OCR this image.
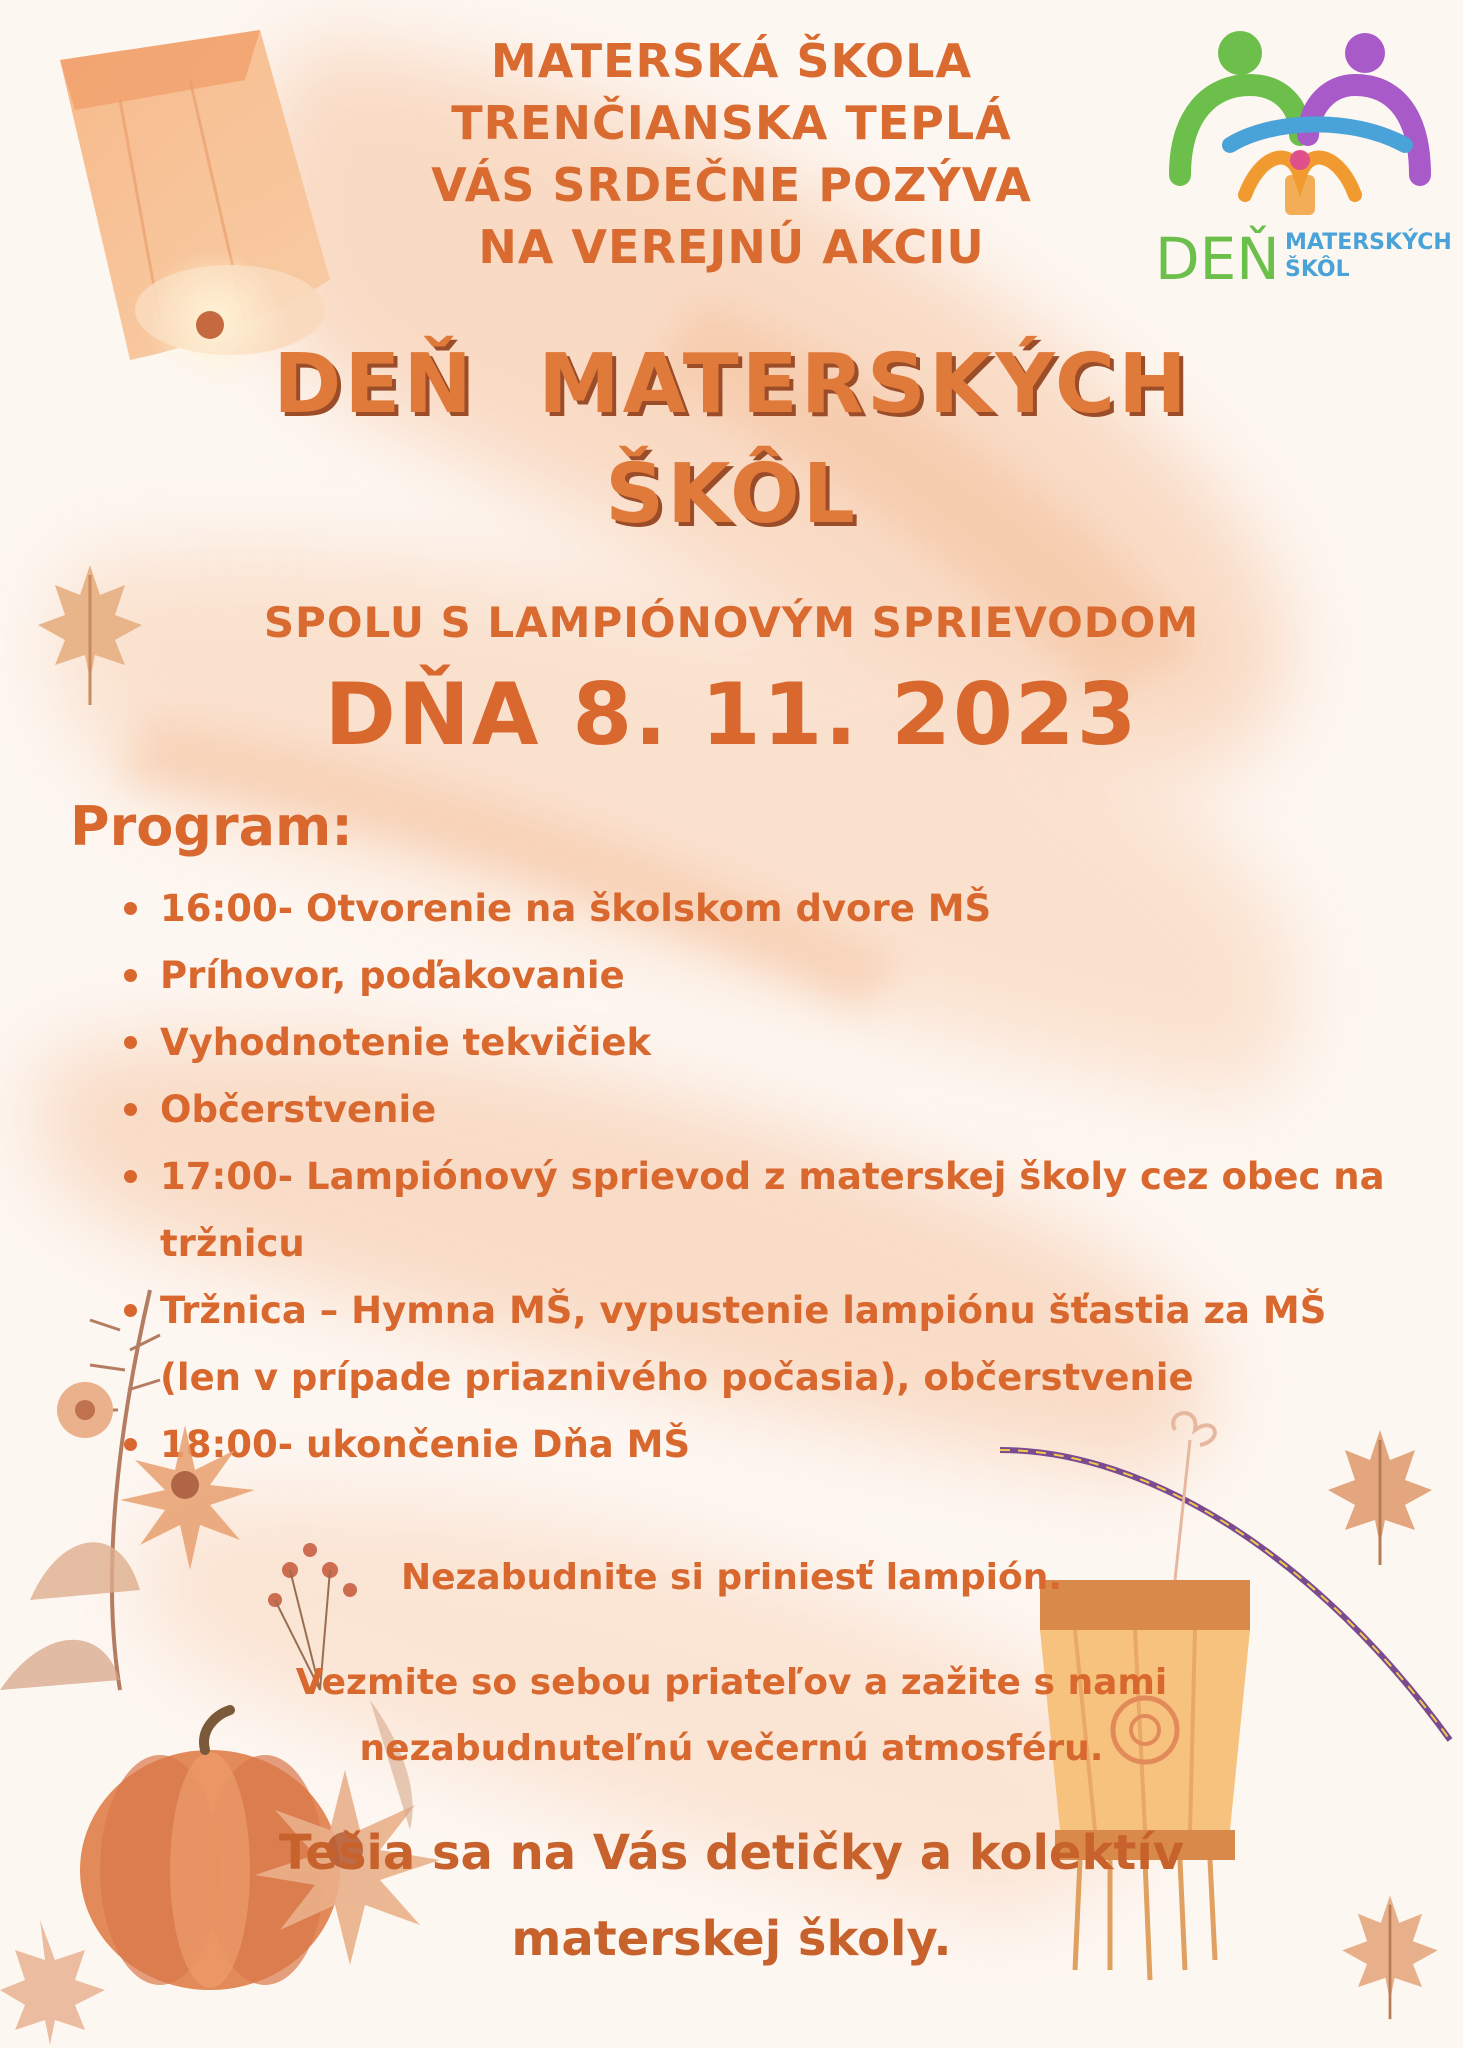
DEŇ MATERSKÝCH
ŠKÔL
MATERSKÁ ŠKOLA
TRENČIANSKA TEPLÁ
VÁS SRDEČNE POZÝVA
NA VEREJNÚ AKCIU
DEŇ  MATERSKÝCH
ŠKÔL
SPOLU S LAMPIÓNOVÝM SPRIEVODOM
DŇA 8. 11. 2023
Program:
16:00- Otvorenie na školskom dvore MŠ
Príhovor, poďakovanie
Vyhodnotenie tekvičiek
Občerstvenie
17:00- Lampiónový sprievod z materskej školy cez obec na tržnicu
Tržnica – Hymna MŠ, vypustenie lampiónu šťastia za MŠ (len v prípade priaznivého počasia), občerstvenie
18:00- ukončenie Dňa MŠ
Nezabudnite si priniesť lampión.
Vezmite so sebou priateľov a zažite s nami
nezabudnuteľnú večernú atmosféru.
Tešia sa na Vás detičky a kolektív
materskej školy.
